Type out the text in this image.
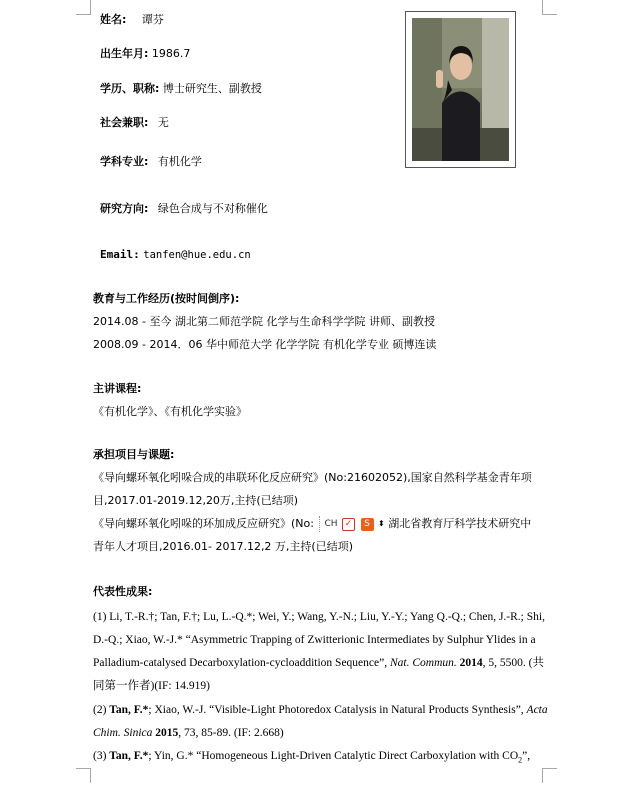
姓名: 谭芬
出生年月: 1986.7
学历、职称: 博士研究生、副教授
社会兼职: 无
学科专业: 有机化学
研究方向: 绿色合成与不对称催化
Email: tanfen@hue.edu.cn
教育与工作经历(按时间倒序):
2014.08 - 至今 湖北第二师范学院 化学与生命科学学院 讲师、副教授
2008.09 - 2014．06 华中师范大学 化学学院 有机化学专业 硕博连读
主讲课程:
《有机化学》、《有机化学实验》
承担项目与课题:
《导向螺环氧化吲哚合成的串联环化反应研究》(No:21602052),国家自然科学基金青年项
目,2017.01-2019.12,20万,主持(已结项)
《导向螺环氧化吲哚的环加成反应研究》(No: CH ✓ S ⬍ 湖北省教育厅科学技术研究中
青年人才项目,2016.01- 2017.12,2 万,主持(已结项)
代表性成果:
(1) Li, T.-R.†; Tan, F.†; Lu, L.-Q.*; Wei, Y.; Wang, Y.-N.; Liu, Y.-Y.; Yang Q.-Q.; Chen, J.-R.; Shi,
D.-Q.; Xiao, W.-J.* “Asymmetric Trapping of Zwitterionic Intermediates by Sulphur Ylides in a
Palladium-catalysed Decarboxylation-cycloaddition Sequence”, Nat. Commun. 2014, 5, 5500. (共
同第一作者)(IF: 14.919)
(2) Tan, F.*; Xiao, W.-J. “Visible-Light Photoredox Catalysis in Natural Products Synthesis”, Acta
Chim. Sinica 2015, 73, 85-89. (IF: 2.668)
(3) Tan, F.*; Yin, G.* “Homogeneous Light-Driven Catalytic Direct Carboxylation with $CO_2$”,
